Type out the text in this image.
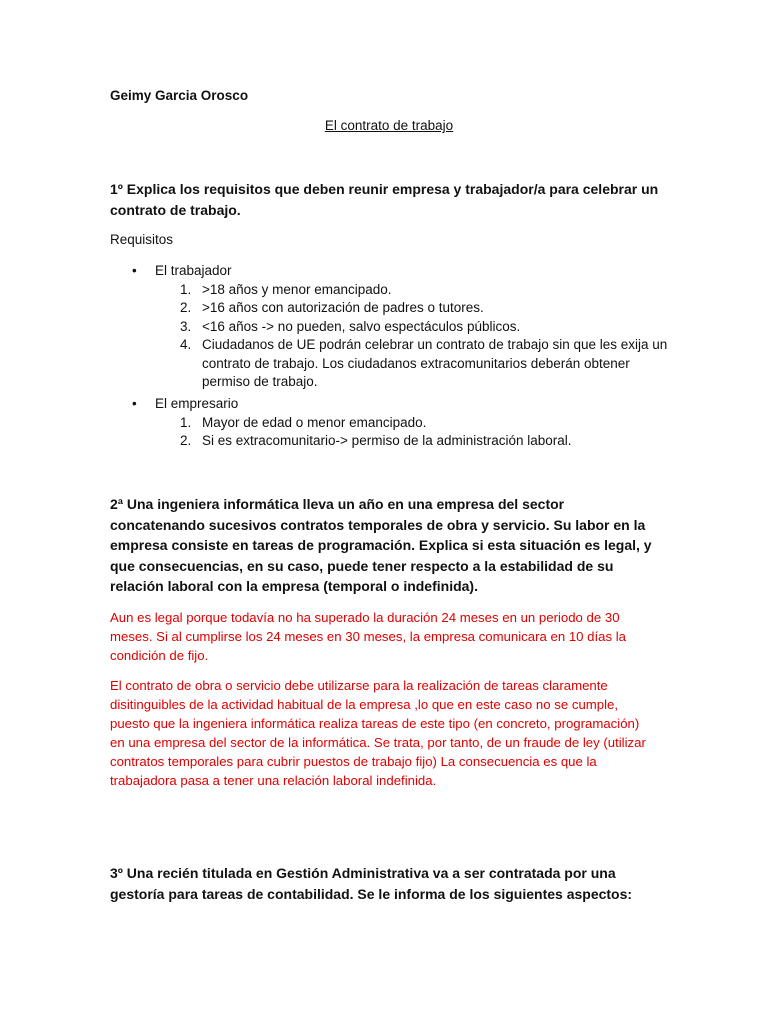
Geimy Garcia Orosco

El contrato de trabajo

1º Explica los requisitos que deben reunir empresa y trabajador/a para celebrar un contrato de trabajo.

Requisitos

• El trabajador
1. >18 años y menor emancipado.
2. >16 años con autorización de padres o tutores.
3. <16 años -> no pueden, salvo espectáculos públicos.
4. Ciudadanos de UE podrán celebrar un contrato de trabajo sin que les exija un contrato de trabajo. Los ciudadanos extracomunitarios deberán obtener permiso de trabajo.
• El empresario
1. Mayor de edad o menor emancipado.
2. Si es extracomunitario-> permiso de la administración laboral.

2ª Una ingeniera informática lleva un año en una empresa del sector concatenando sucesivos contratos temporales de obra y servicio. Su labor en la empresa consiste en tareas de programación. Explica si esta situación es legal, y que consecuencias, en su caso, puede tener respecto a la estabilidad de su relación laboral con la empresa (temporal o indefinida).

Aun es legal porque todavía no ha superado la duración 24 meses en un periodo de 30 meses. Si al cumplirse los 24 meses en 30 meses, la empresa comunicara en 10 días la condición de fijo.

El contrato de obra o servicio debe utilizarse para la realización de tareas claramente disitinguibles de la actividad habitual de la empresa ,lo que en este caso no se cumple, puesto que la ingeniera informática realiza tareas de este tipo (en concreto, programación) en una empresa del sector de la informática. Se trata, por tanto, de un fraude de ley (utilizar contratos temporales para cubrir puestos de trabajo fijo) La consecuencia es que la trabajadora pasa a tener una relación laboral indefinida.

3º Una recién titulada en Gestión Administrativa va a ser contratada por una gestoría para tareas de contabilidad. Se le informa de los siguientes aspectos:
